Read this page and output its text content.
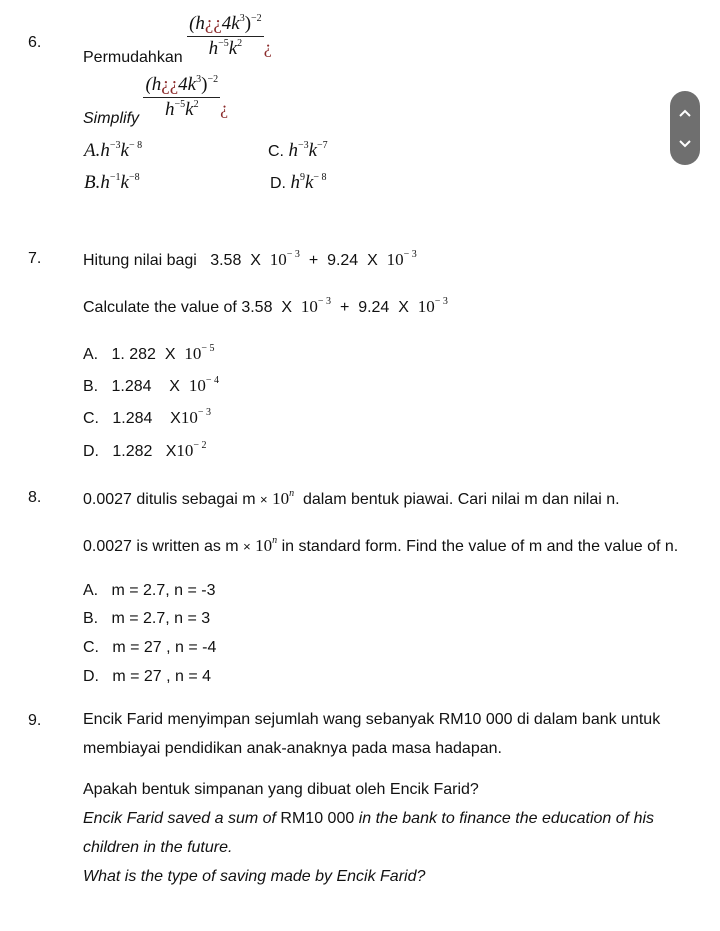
6.
Permudahkan $\frac{(h¿¿4k^3)^{-2}}{h^{-5}k^2}$ ¿
Simplify $\frac{(h¿¿4k^3)^{-2}}{h^{-5}k^2}$ ¿
$A.h^{-3}k^{- 8}$	C. $h^{-3}k^{-7}$
$B.h^{-1}k^{-8}$	D. $h^9k^{- 8}$
7.	Hitung nilai bagi 3.58 X $10^{- 3} + 9.24$ X $10^{- 3}$
Calculate the value of 3.58 X $10^{- 3} + 9.24$ X $10^{- 3}$
A. 1. 282 X $10^{- 5}$
B. 1.284 X $10^{- 4}$
C. 1.284 $X10^{- 3}$
D. 1.282 $X10^{- 2}$
8.	0.0027 ditulis sebagai $m \times 10^n$ dalam bentuk piawai. Cari nilai m dan nilai n.
0.0027 is written as $m \times 10^n$ in standard form. Find the value of m and the value of n.
A. m = 2.7, n = -3
B. m = 2.7, n = 3
C. m = 27 , n = -4
D. m = 27 , n = 4
9.	Encik Farid menyimpan sejumlah wang sebanyak RM10 000 di dalam bank untuk membiayai pendidikan anak-anaknya pada masa hadapan.
Apakah bentuk simpanan yang dibuat oleh Encik Farid?
Encik Farid saved a sum of RM10 000 in the bank to finance the education of his children in the future.
What is the type of saving made by Encik Farid?
